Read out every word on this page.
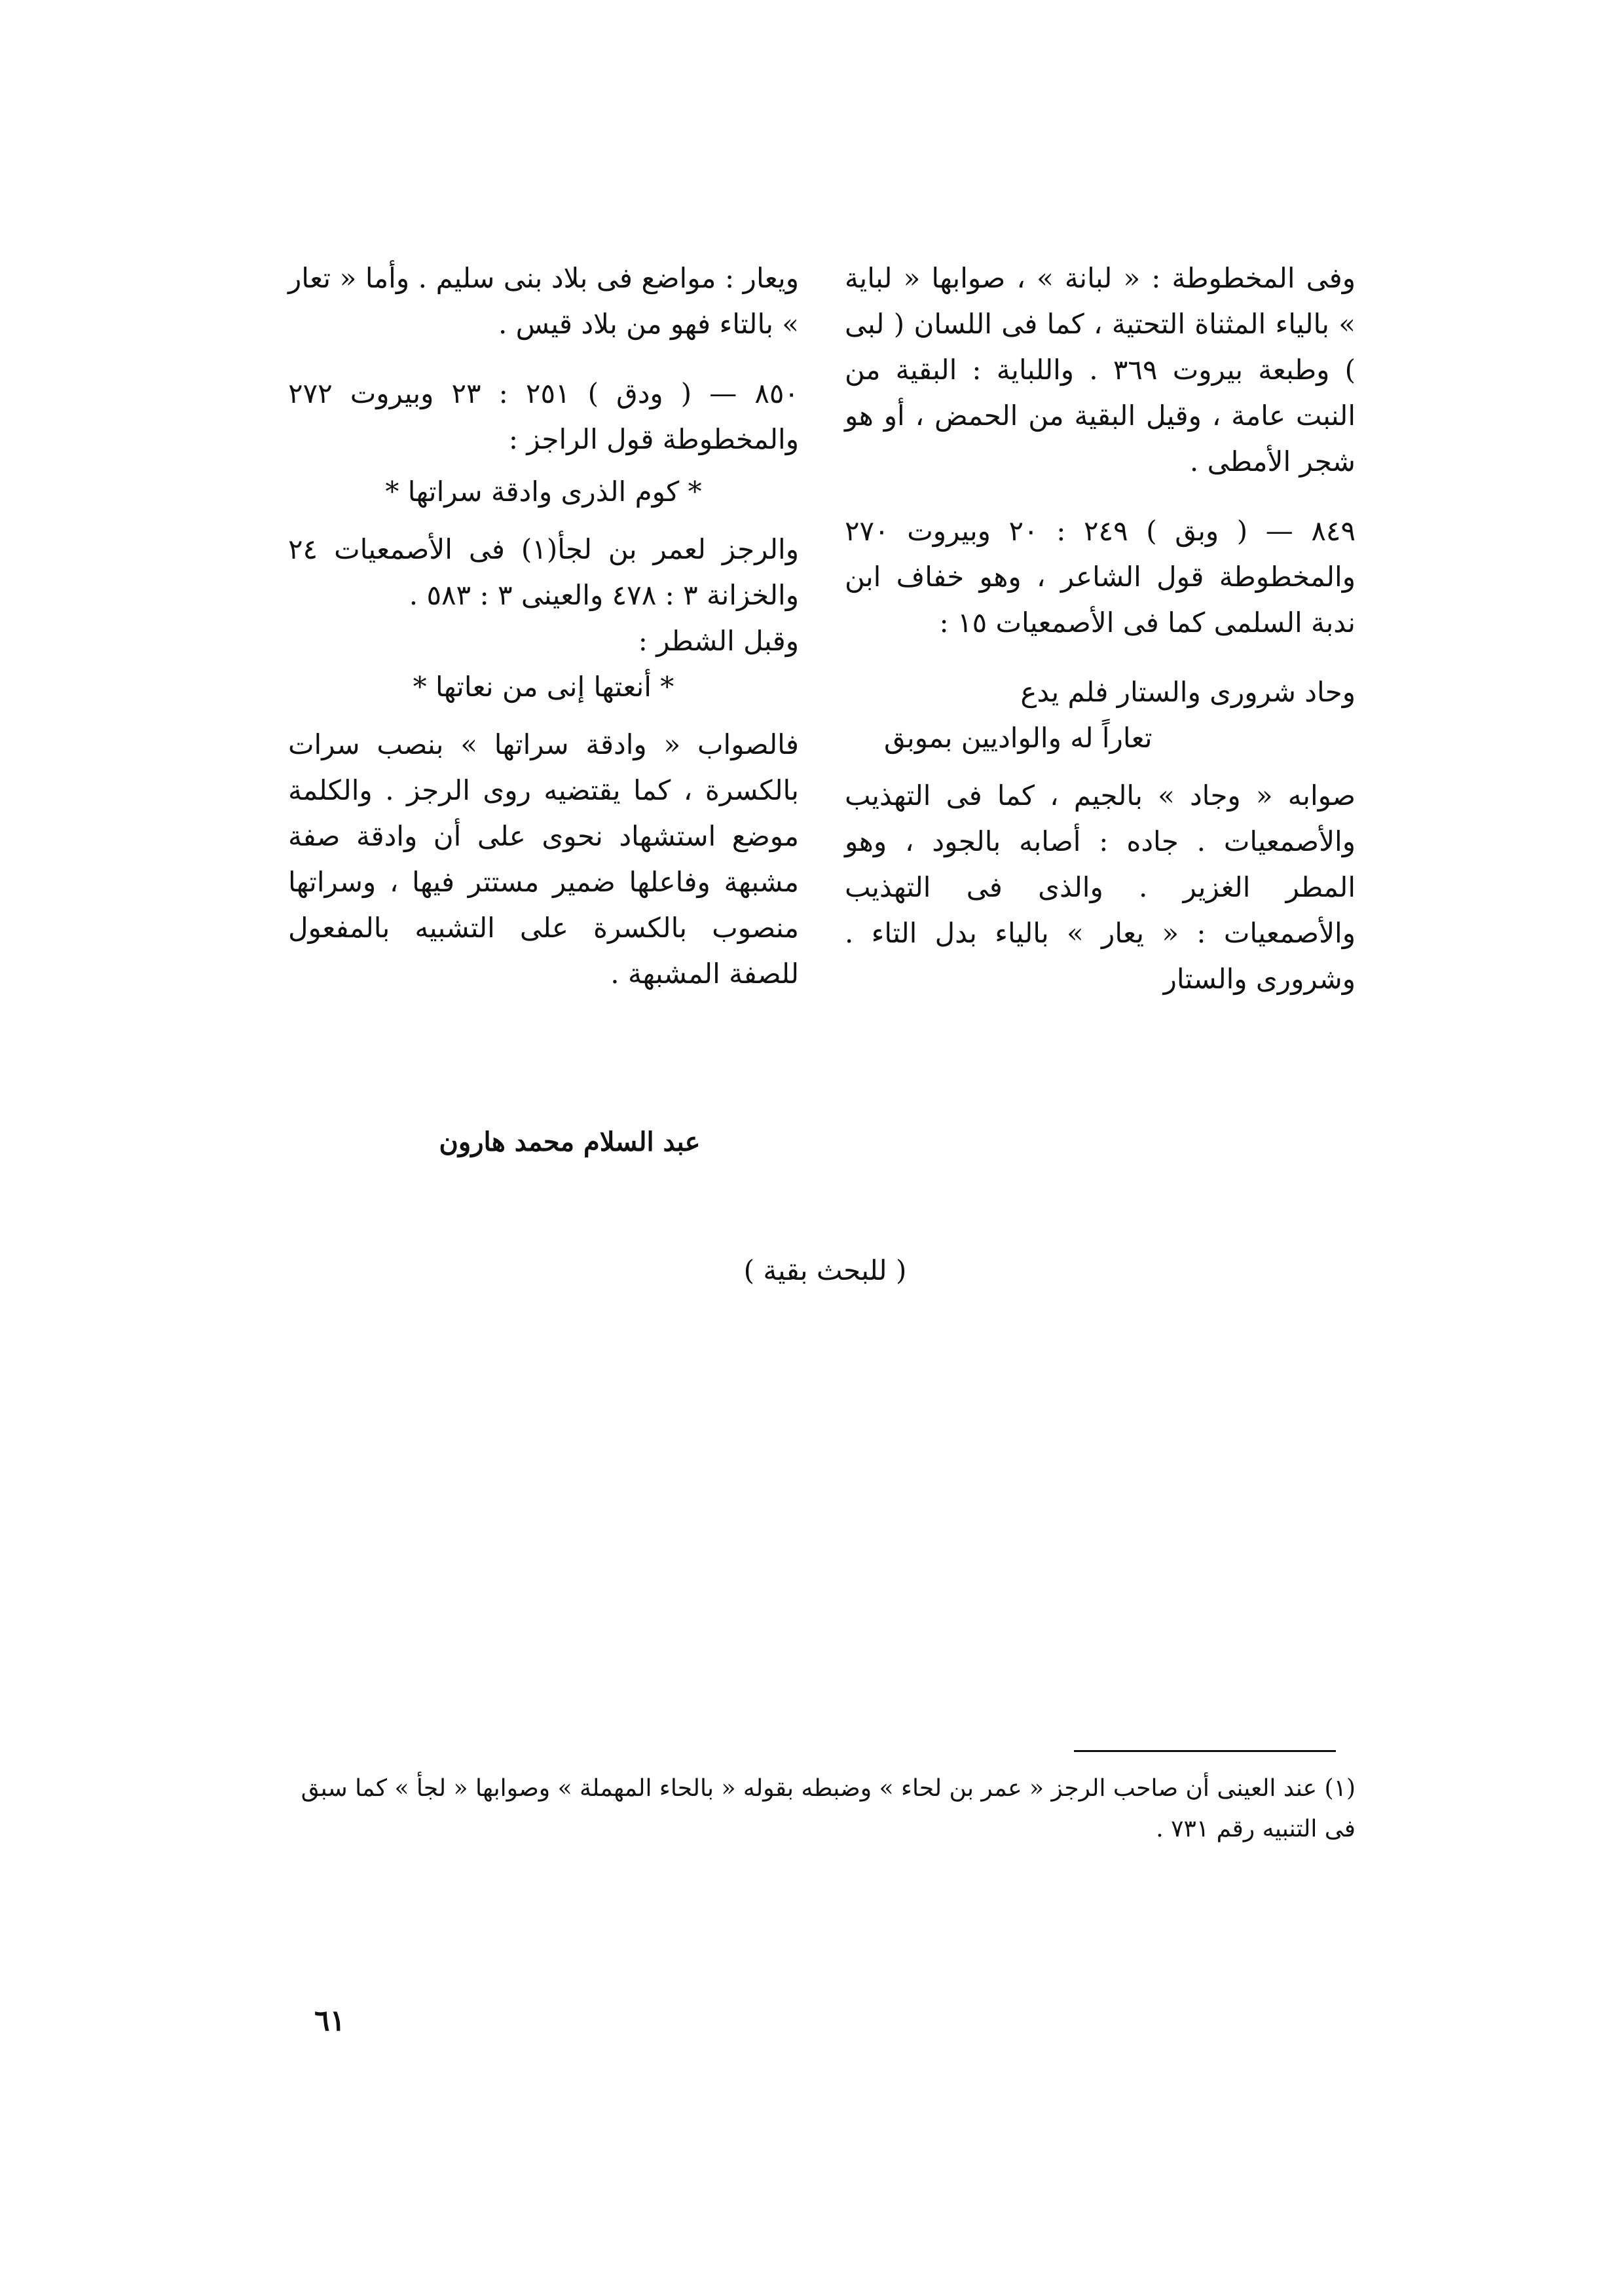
وفى المخطوطة : « لبانة » ، صوابها « لباية » بالياء المثناة التحتية ، كما فى اللسان ( لبى ) وطبعة بيروت ٣٦٩ . واللباية : البقية من النبت عامة ، وقيل البقية من الحمض ، أو هو شجر الأمطى .

٨٤٩ — ( وبق ) ٢٤٩ : ٢٠ وبيروت ٢٧٠ والمخطوطة قول الشاعر ، وهو خفاف ابن ندبة السلمى كما فى الأصمعيات ١٥ :

وحاد شرورى والستار فلم يدع
تعاراً له والواديين بموبق

صوابه « وجاد » بالجيم ، كما فى التهذيب والأصمعيات . جاده : أصابه بالجود ، وهو المطر الغزير . والذى فى التهذيب والأصمعيات : « يعار » بالياء بدل التاء . وشرورى والستار

ويعار : مواضع فى بلاد بنى سليم . وأما « تعار » بالتاء فهو من بلاد قيس .

٨٥٠ — ( ودق ) ٢٥١ : ٢٣ وبيروت ٢٧٢ والمخطوطة قول الراجز :

* كوم الذرى وادقة سراتها *

والرجز لعمر بن لجأ(١) فى الأصمعيات ٢٤ والخزانة ٣ : ٤٧٨ والعينى ٣ : ٥٨٣ .

وقبل الشطر :

* أنعتها إنى من نعاتها *

فالصواب « وادقة سراتها » بنصب سرات بالكسرة ، كما يقتضيه روى الرجز . والكلمة موضع استشهاد نحوى على أن وادقة صفة مشبهة وفاعلها ضمير مستتر فيها ، وسراتها منصوب بالكسرة على التشبيه بالمفعول للصفة المشبهة .

عبد السلام محمد هارون
( للبحث بقية )
(١) عند العينى أن صاحب الرجز « عمر بن لحاء » وضبطه بقوله « بالحاء المهملة » وصوابها « لجأ » كما سبق فى التنبيه رقم ٧٣١ .
٦١
